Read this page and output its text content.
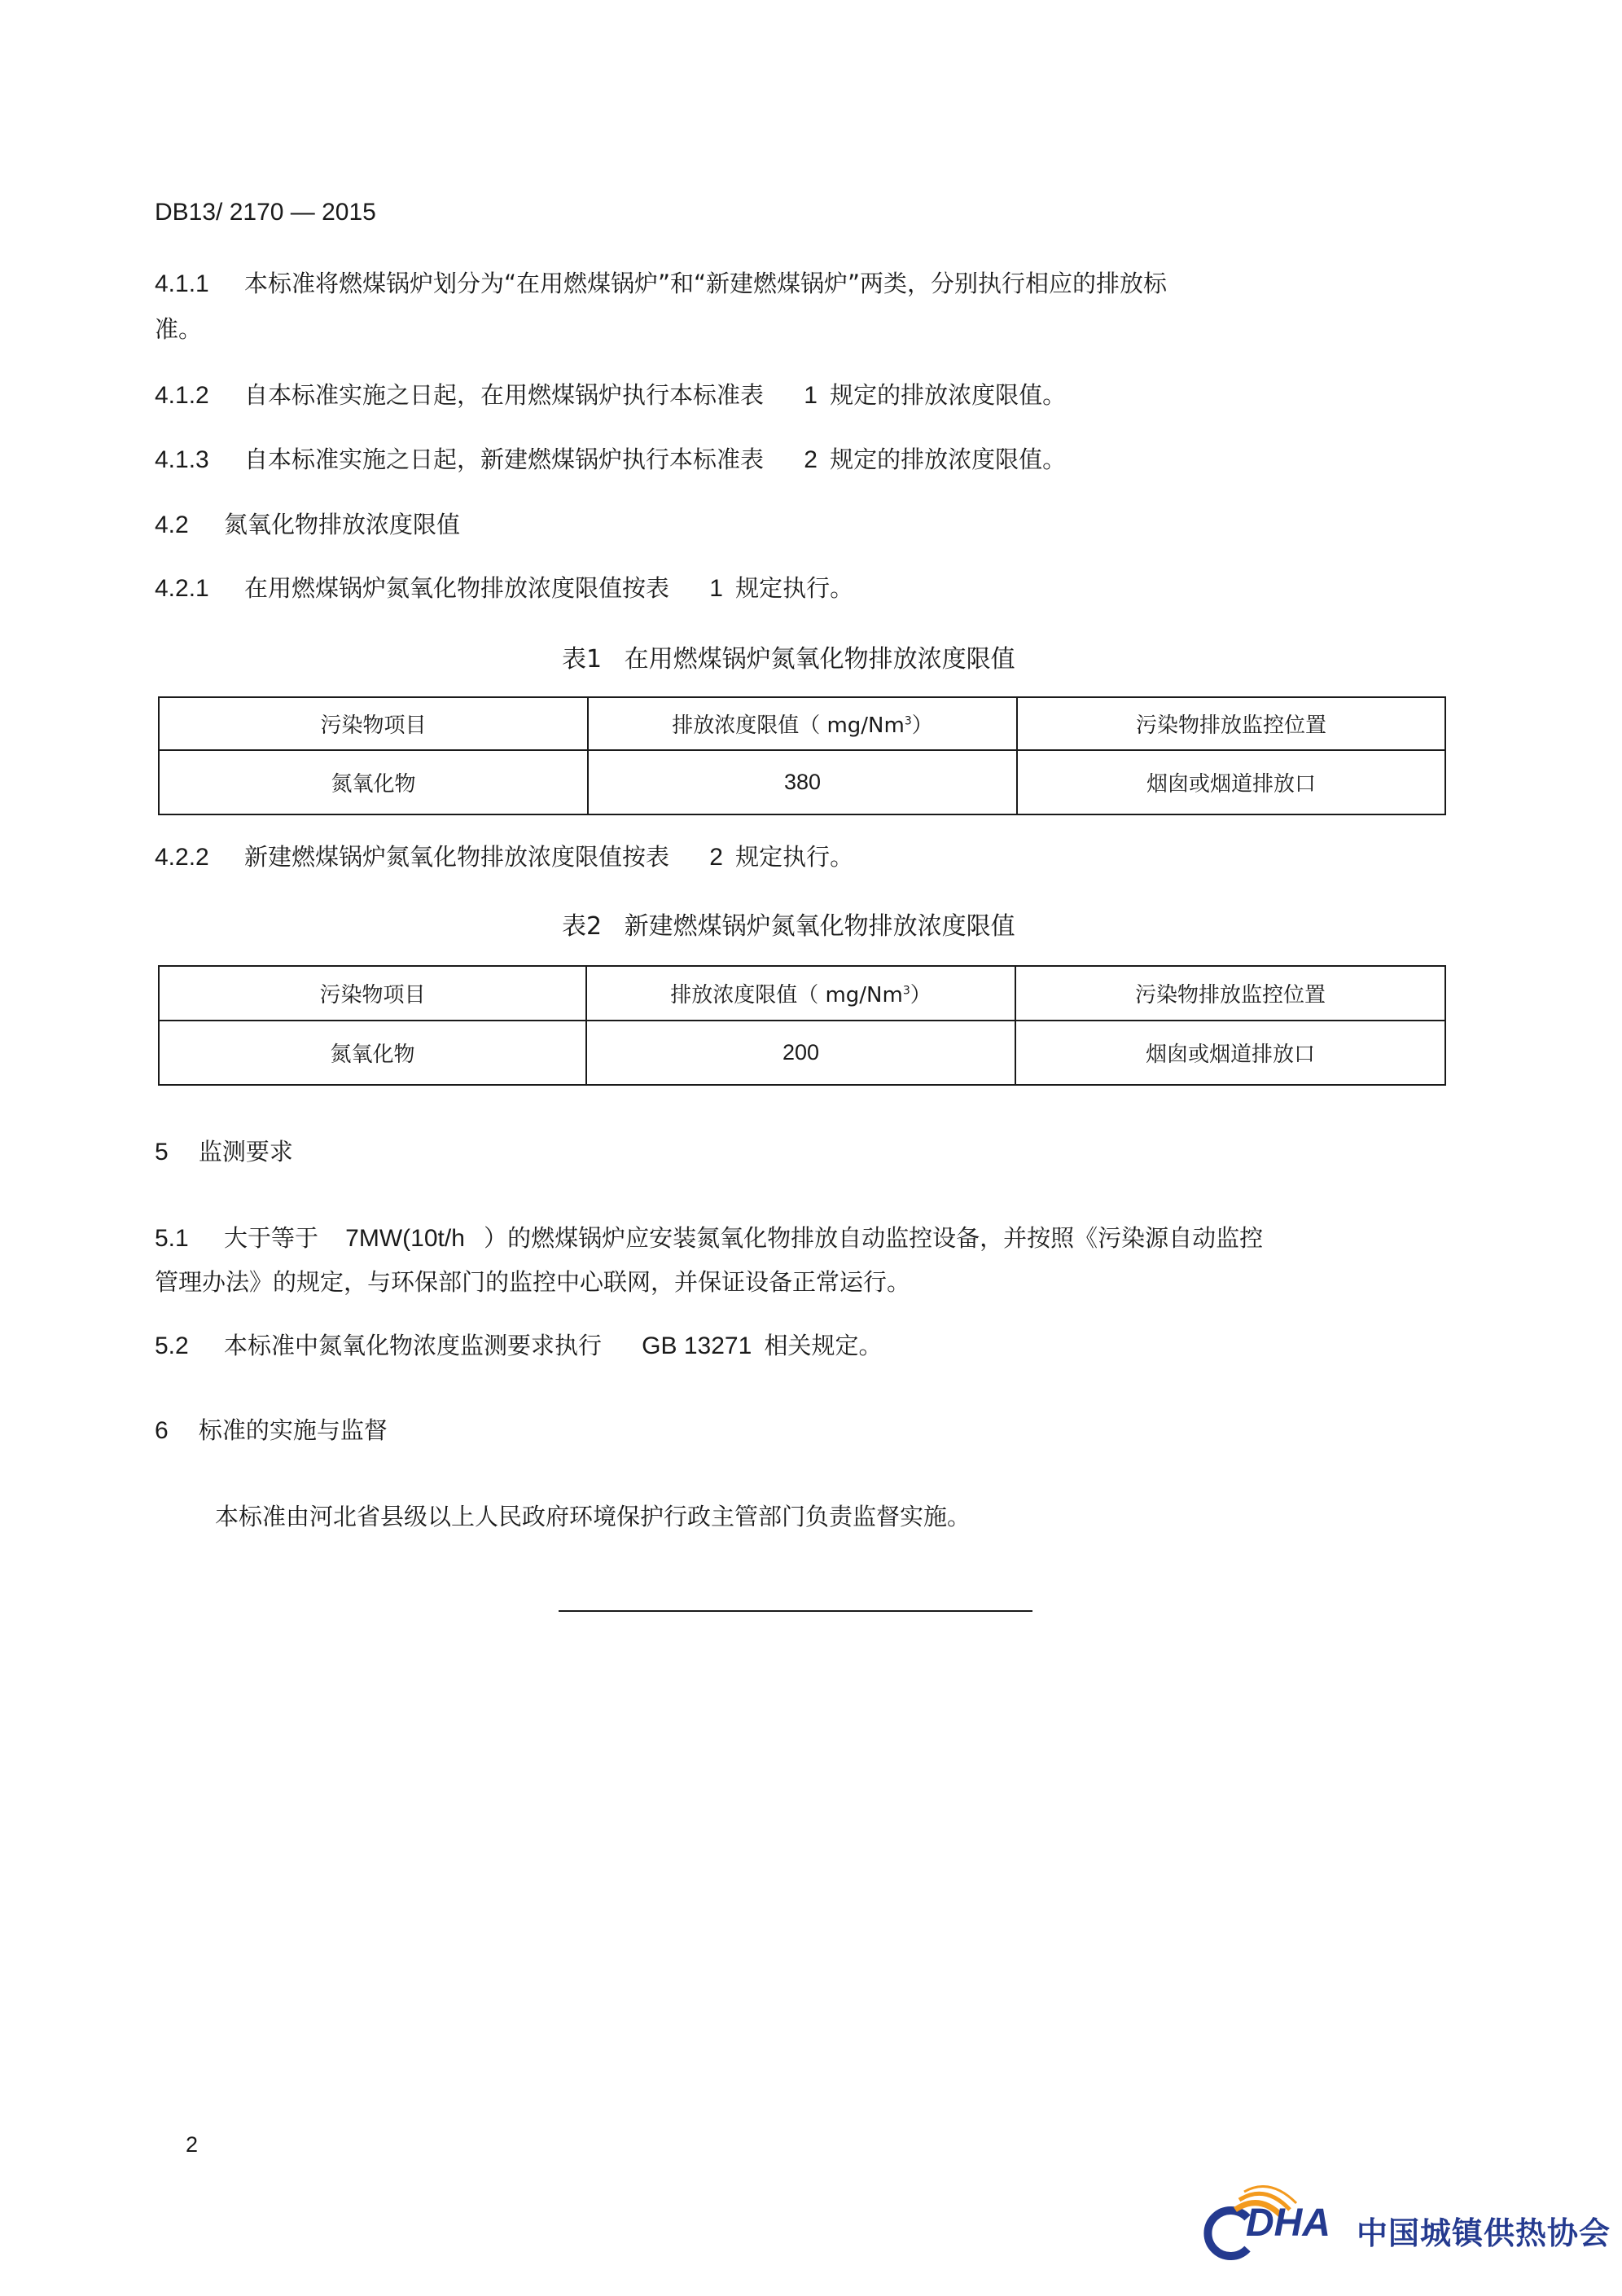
DB13/ 2170 — 2015
4.1.1 本标准将燃煤锅炉划分为“在用燃煤锅炉”和“新建燃煤锅炉”两类，分别执行相应的排放标
准。
4.1.2 自本标准实施之日起，在用燃煤锅炉执行本标准表 1 规定的排放浓度限值。
4.1.3 自本标准实施之日起，新建燃煤锅炉执行本标准表 2 规定的排放浓度限值。
4.2 氮氧化物排放浓度限值
4.2.1 在用燃煤锅炉氮氧化物排放浓度限值按表 1 规定执行。
表1 在用燃煤锅炉氮氧化物排放浓度限值
污染物项目	排放浓度限值（ mg/Nm$^3$）	污染物排放监控位置
氮氧化物	380	烟囱或烟道排放口
4.2.2 新建燃煤锅炉氮氧化物排放浓度限值按表 2 规定执行。
表2 新建燃煤锅炉氮氧化物排放浓度限值
污染物项目	排放浓度限值（ mg/Nm$^3$）	污染物排放监控位置
氮氧化物	200	烟囱或烟道排放口
5 监测要求
5.1 大于等于 7MW(10t/h ）的燃煤锅炉应安装氮氧化物排放自动监控设备，并按照《污染源自动监控
管理办法》的规定，与环保部门的监控中心联网，并保证设备正常运行。
5.2 本标准中氮氧化物浓度监测要求执行 GB 13271 相关规定。
6 标准的实施与监督
本标准由河北省县级以上人民政府环境保护行政主管部门负责监督实施。
2
DHA 中国城镇供热协会
